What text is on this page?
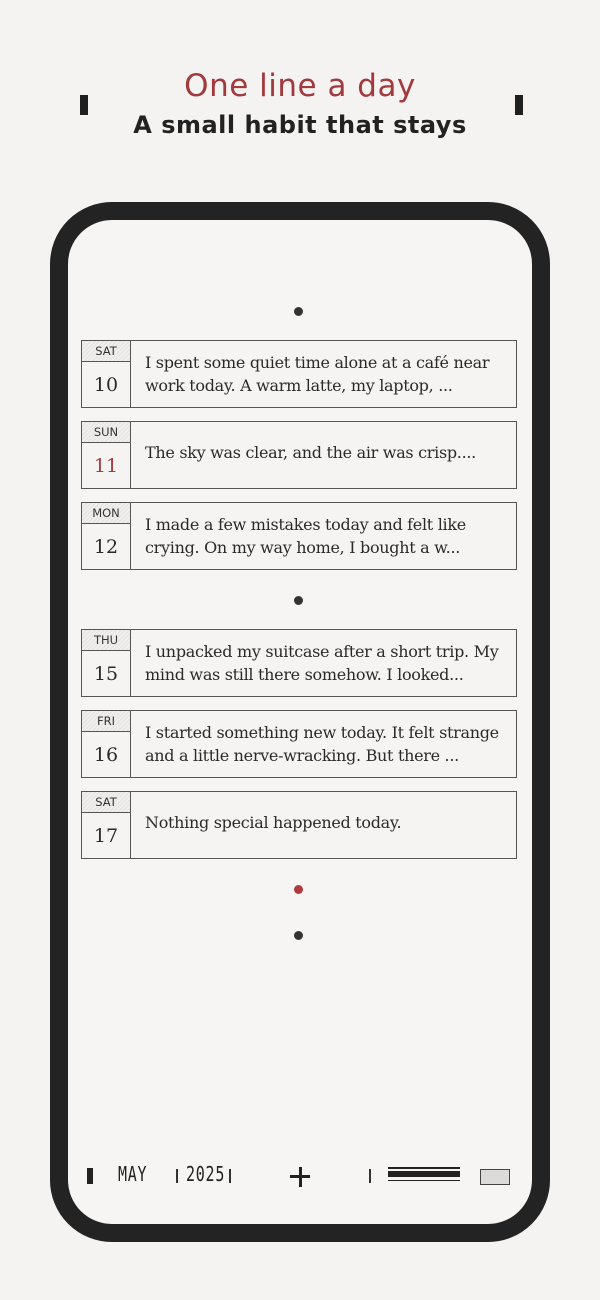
One line a day
A small habit that stays
SAT
10
I spent some quiet time alone at a café near
work today. A warm latte, my laptop, ...
SUN
11
The sky was clear, and the air was crisp....
MON
12
I made a few mistakes today and felt like
crying. On my way home, I bought a w...
THU
15
I unpacked my suitcase after a short trip. My
mind was still there somehow. I looked...
FRI
16
I started something new today. It felt strange
and a little nerve-wracking. But there ...
SAT
17
Nothing special happened today.
MAY 2025
